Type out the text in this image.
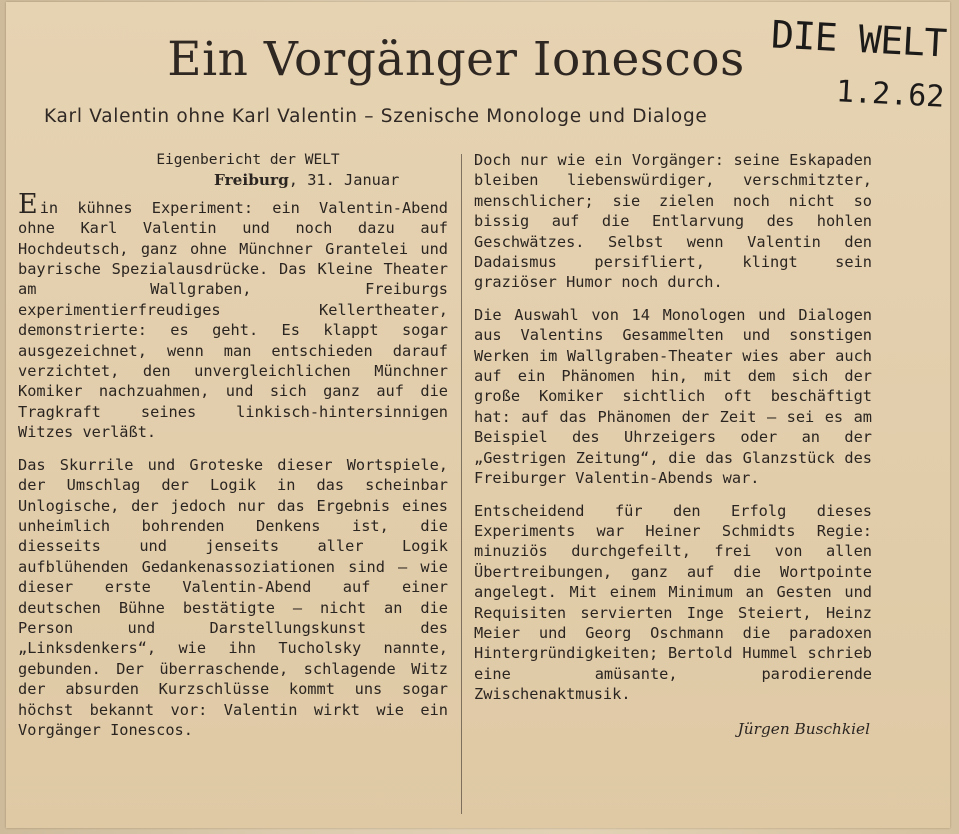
Ein Vorgänger Ionescos
Karl Valentin ohne Karl Valentin – Szenische Monologe und Dialoge
DIE WELT
1.2.62
Eigenbericht der WELT
Freiburg, 31. Januar

Ein kühnes Experiment: ein Valentin-Abend ohne Karl Valentin und noch dazu auf Hochdeutsch, ganz ohne Münchner Grantelei und bayrische Spezialausdrücke. Das Kleine Theater am Wallgraben, Freiburgs experimentierfreudiges Kellertheater, demonstrierte: es geht. Es klappt sogar ausgezeichnet, wenn man entschieden darauf verzichtet, den unvergleichlichen Münchner Komiker nachzuahmen, und sich ganz auf die Tragkraft seines linkisch-hintersinnigen Witzes verläßt.

Das Skurrile und Groteske dieser Wortspiele, der Umschlag der Logik in das scheinbar Unlogische, der jedoch nur das Ergebnis eines unheimlich bohrenden Denkens ist, die diesseits und jenseits aller Logik aufblühenden Gedankenassoziationen sind — wie dieser erste Valentin-Abend auf einer deutschen Bühne bestätigte — nicht an die Person und Darstellungskunst des „Linksdenkers“, wie ihn Tucholsky nannte, gebunden. Der überraschende, schlagende Witz der absurden Kurzschlüsse kommt uns sogar höchst bekannt vor: Valentin wirkt wie ein Vorgänger Ionescos.

Doch nur wie ein Vorgänger: seine Eskapaden bleiben liebenswürdiger, verschmitzter, menschlicher; sie zielen noch nicht so bissig auf die Entlarvung des hohlen Geschwätzes. Selbst wenn Valentin den Dadaismus persifliert, klingt sein graziöser Humor noch durch.

Die Auswahl von 14 Monologen und Dialogen aus Valentins Gesammelten und sonstigen Werken im Wallgraben-Theater wies aber auch auf ein Phänomen hin, mit dem sich der große Komiker sichtlich oft beschäftigt hat: auf das Phänomen der Zeit — sei es am Beispiel des Uhrzeigers oder an der „Gestrigen Zeitung“, die das Glanzstück des Freiburger Valentin-Abends war.

Entscheidend für den Erfolg dieses Experiments war Heiner Schmidts Regie: minuziös durchgefeilt, frei von allen Übertreibungen, ganz auf die Wortpointe angelegt. Mit einem Minimum an Gesten und Requisiten servierten Inge Steiert, Heinz Meier und Georg Oschmann die paradoxen Hintergründigkeiten; Bertold Hummel schrieb eine amüsante, parodierende Zwischenaktmusik.

Jürgen Buschkiel
